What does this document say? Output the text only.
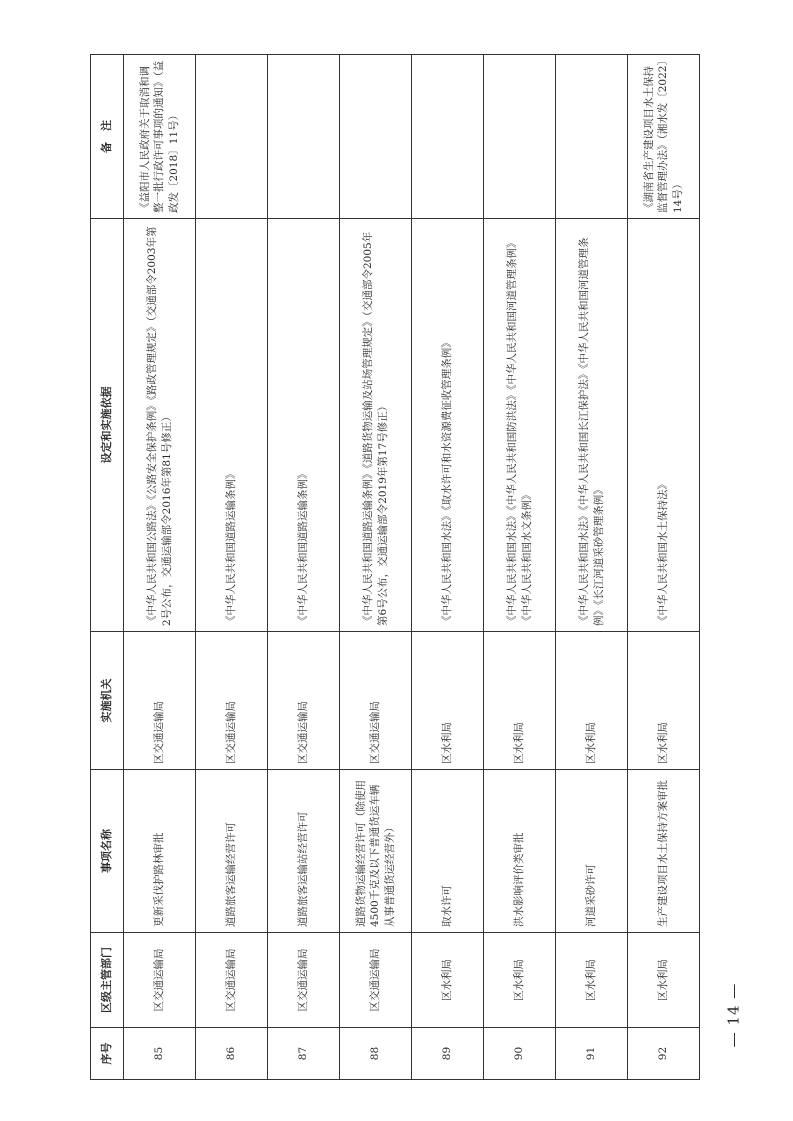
序号	区级主管部门	事项名称	实施机关	设定和实施依据	备　注
85	区交通运输局	更新采伐护路林审批	区交通运输局	《中华人民共和国公路法》《公路安全保护条例》《路政管理规定》（交通部令2003年第2号公布，交通运输部令2016年第81号修正）	《益阳市人民政府关于取消和调整一批行政许可事项的通知》（益政发〔2018〕11号）
86	区交通运输局	道路旅客运输经营许可	区交通运输局	《中华人民共和国道路运输条例》	
87	区交通运输局	道路旅客运输站经营许可	区交通运输局	《中华人民共和国道路运输条例》	
88	区交通运输局	道路货物运输经营许可（除使用4500千克及以下普通货运车辆从事普通货运经营外）	区交通运输局	《中华人民共和国道路运输条例》《道路货物运输及站场管理规定》（交通部令2005年第6号公布，交通运输部令2019年第17号修正）	
89	区水利局	取水许可	区水利局	《中华人民共和国水法》《取水许可和水资源费征收管理条例》	
90	区水利局	洪水影响评价类审批	区水利局	《中华人民共和国水法》《中华人民共和国防洪法》《中华人民共和国河道管理条例》《中华人民共和国水文条例》	
91	区水利局	河道采砂许可	区水利局	《中华人民共和国水法》《中华人民共和国长江保护法》《中华人民共和国河道管理条例》《长江河道采砂管理条例》	
92	区水利局	生产建设项目水土保持方案审批	区水利局	《中华人民共和国水土保持法》	《湖南省生产建设项目水土保持监督管理办法》（湘水发〔2022〕14号）
— 14 —
